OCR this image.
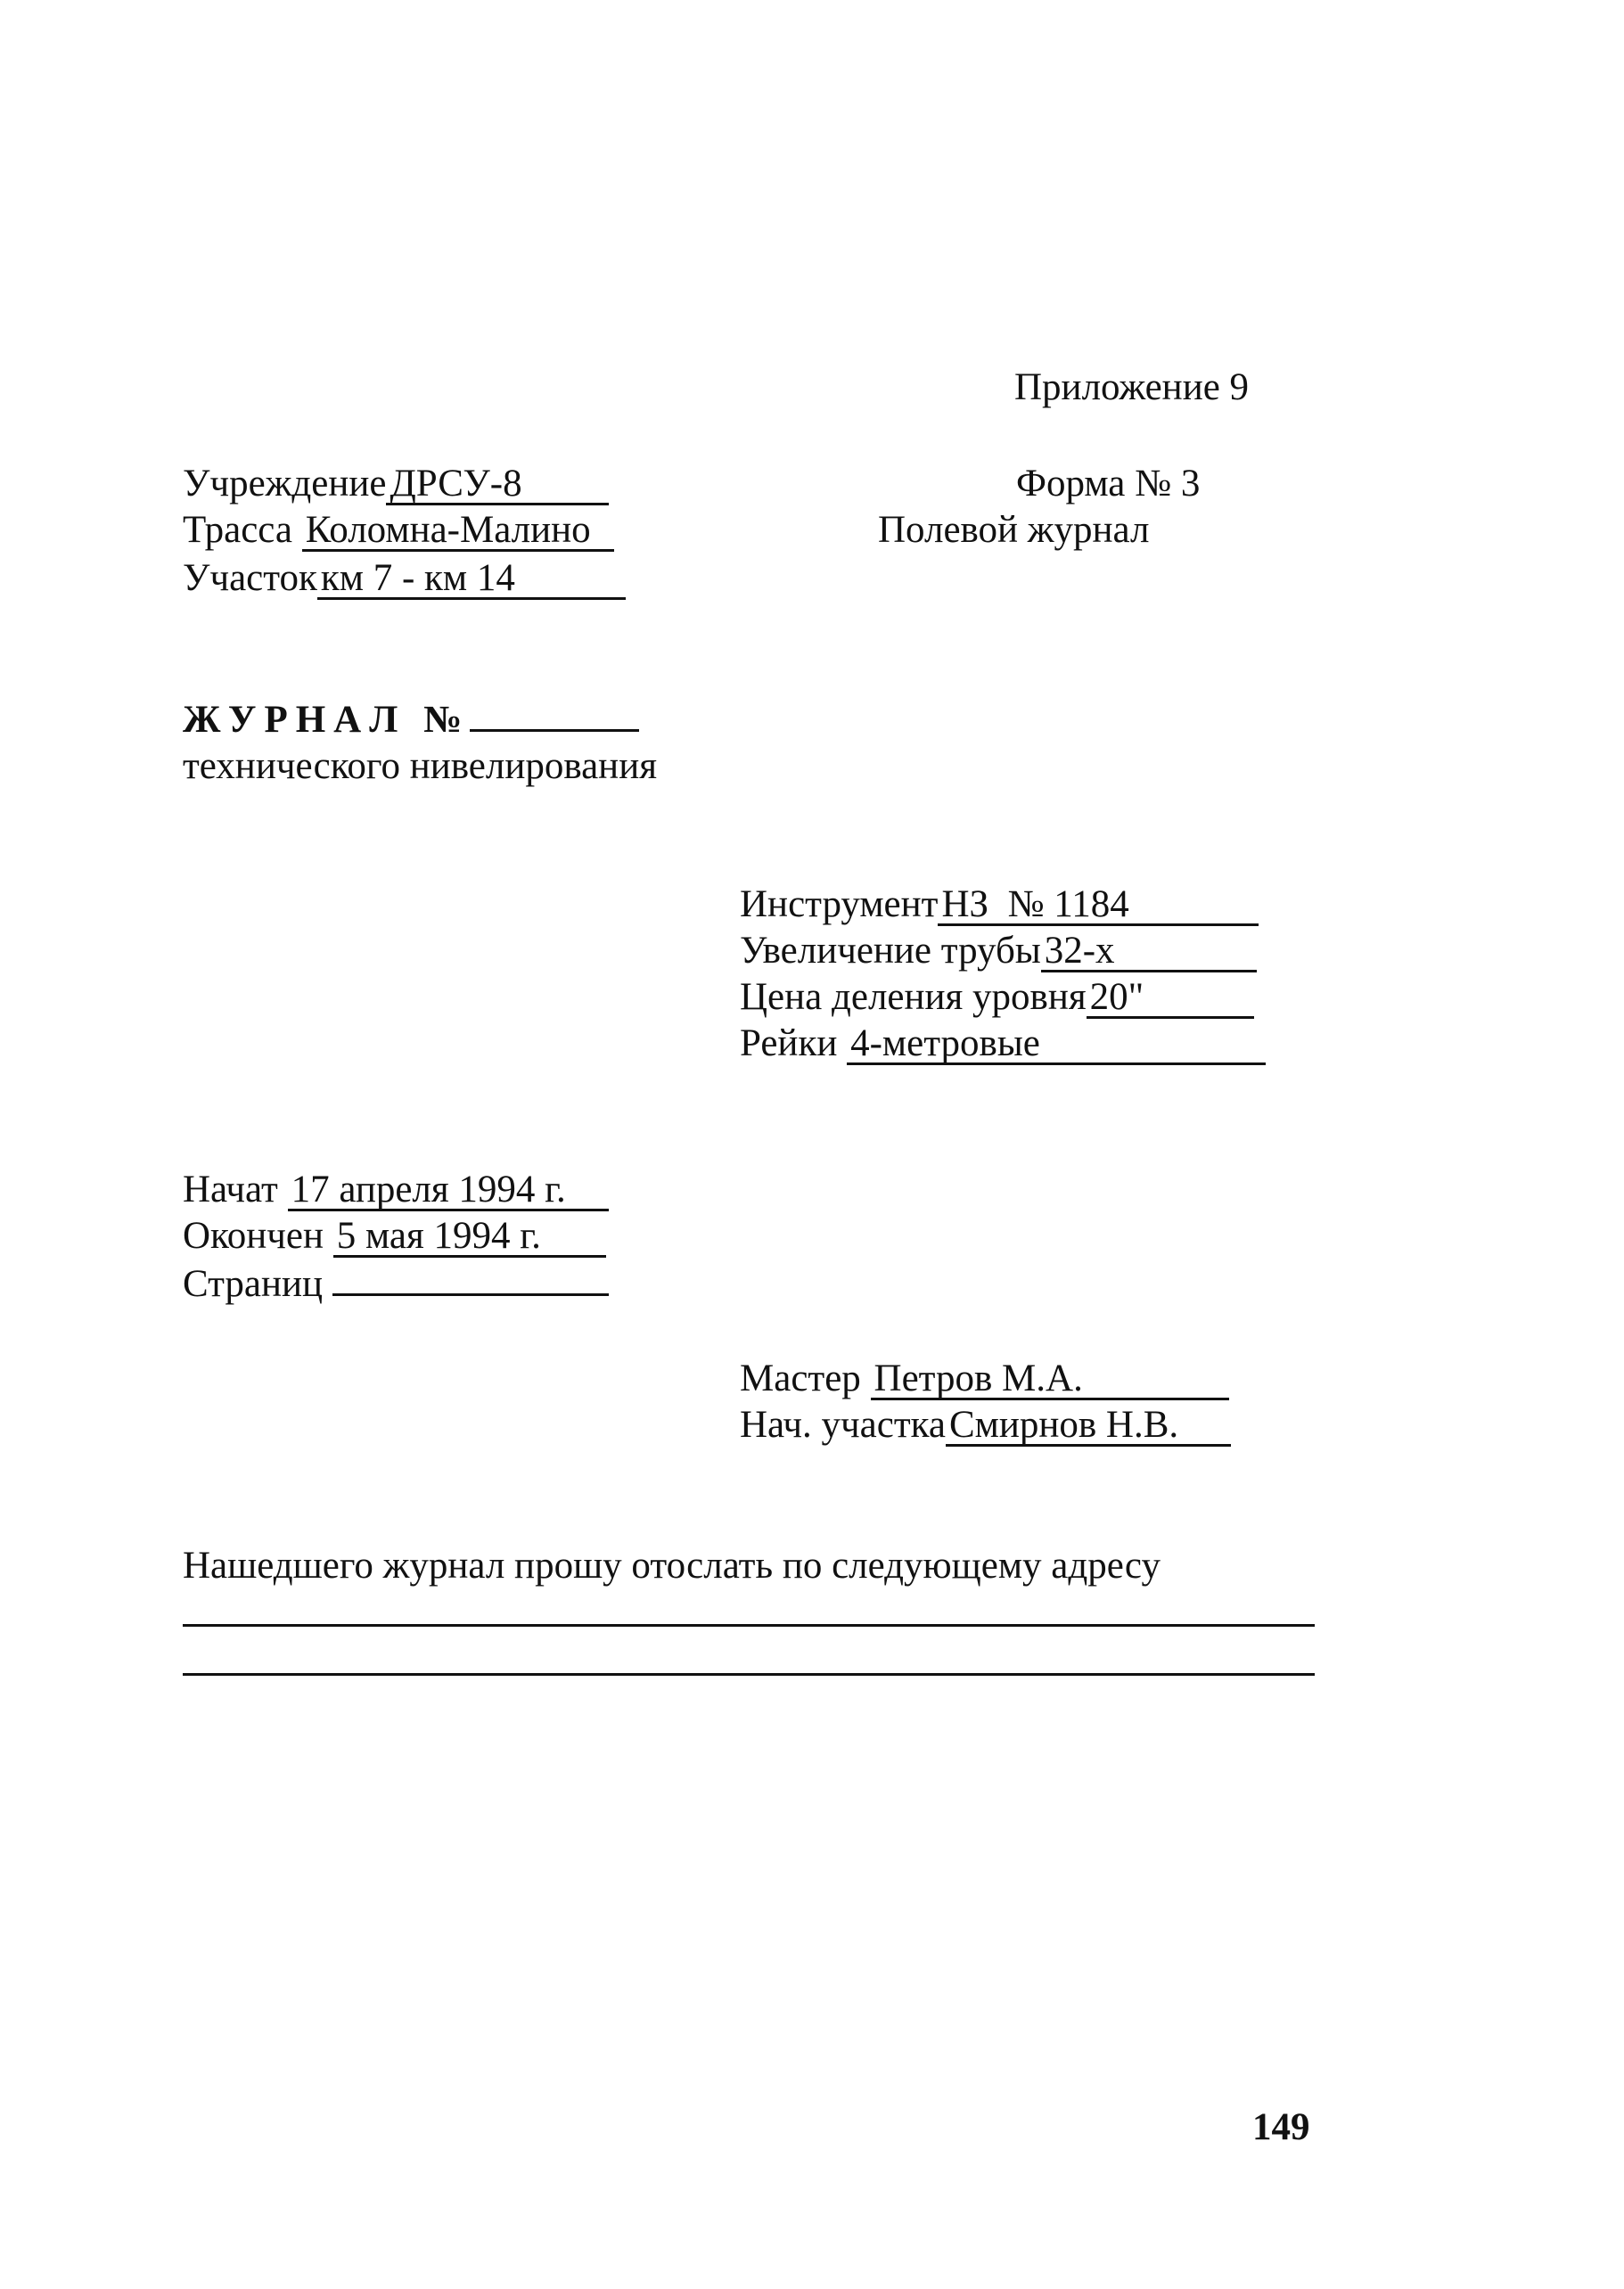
Приложение 9
Форма № 3
Полевой журнал
УчреждениеДРСУ-8
Трасса Коломна-Малино
Участоккм 7 - км 14
ЖУРНАЛ №
технического нивелирования
ИнструментНЗ  № 1184
Увеличение трубы32-х
Цена деления уровня20"
Рейки 4-метровые
Начат 17 апреля 1994 г.
Окончен 5 мая 1994 г.
Страниц
Мастер Петров М.А.
Нач. участкаСмирнов Н.В.
Нашедшего журнал прошу отослать по следующему адресу
149
